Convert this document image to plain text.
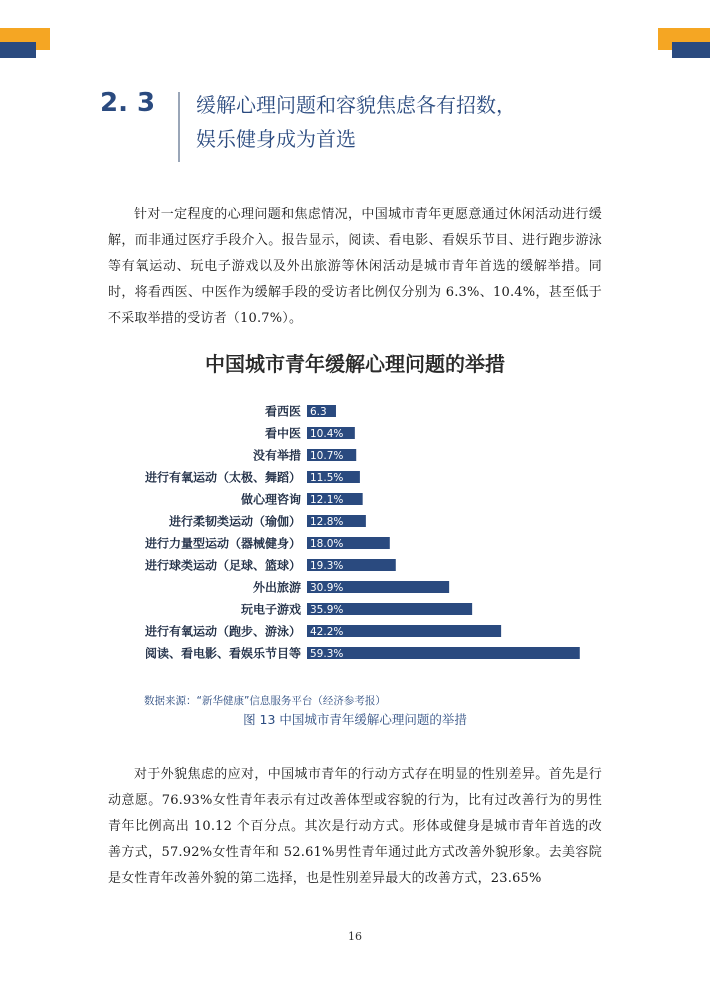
2. 3	缓解心理问题和容貌焦虑各有招数，
娱乐健身成为首选

针对一定程度的心理问题和焦虑情况，中国城市青年更愿意通过休闲活动进行缓解，而非通过医疗手段介入。报告显示，阅读、看电影、看娱乐节目、进行跑步游泳等有氧运动、玩电子游戏以及外出旅游等休闲活动是城市青年首选的缓解举措。同时，将看西医、中医作为缓解手段的受访者比例仅分别为 6.3%、10.4%，甚至低于不采取举措的受访者（10.7%）。

中国城市青年缓解心理问题的举措
看西医 6.3
看中医 10.4%
没有举措 10.7%
进行有氧运动（太极、舞蹈） 11.5%
做心理咨询 12.1%
进行柔韧类运动（瑜伽） 12.8%
进行力量型运动（器械健身） 18.0%
进行球类运动（足球、篮球） 19.3%
外出旅游 30.9%
玩电子游戏 35.9%
进行有氧运动（跑步、游泳） 42.2%
阅读、看电影、看娱乐节目等 59.3%
数据来源：“新华健康”信息服务平台（经济参考报）
图 13 中国城市青年缓解心理问题的举措

对于外貌焦虑的应对，中国城市青年的行动方式存在明显的性别差异。首先是行动意愿。76.93%女性青年表示有过改善体型或容貌的行为，比有过改善行为的男性青年比例高出 10.12 个百分点。其次是行动方式。形体或健身是城市青年首选的改善方式，57.92%女性青年和 52.61%男性青年通过此方式改善外貌形象。去美容院是女性青年改善外貌的第二选择，也是性别差异最大的改善方式，23.65%

16
